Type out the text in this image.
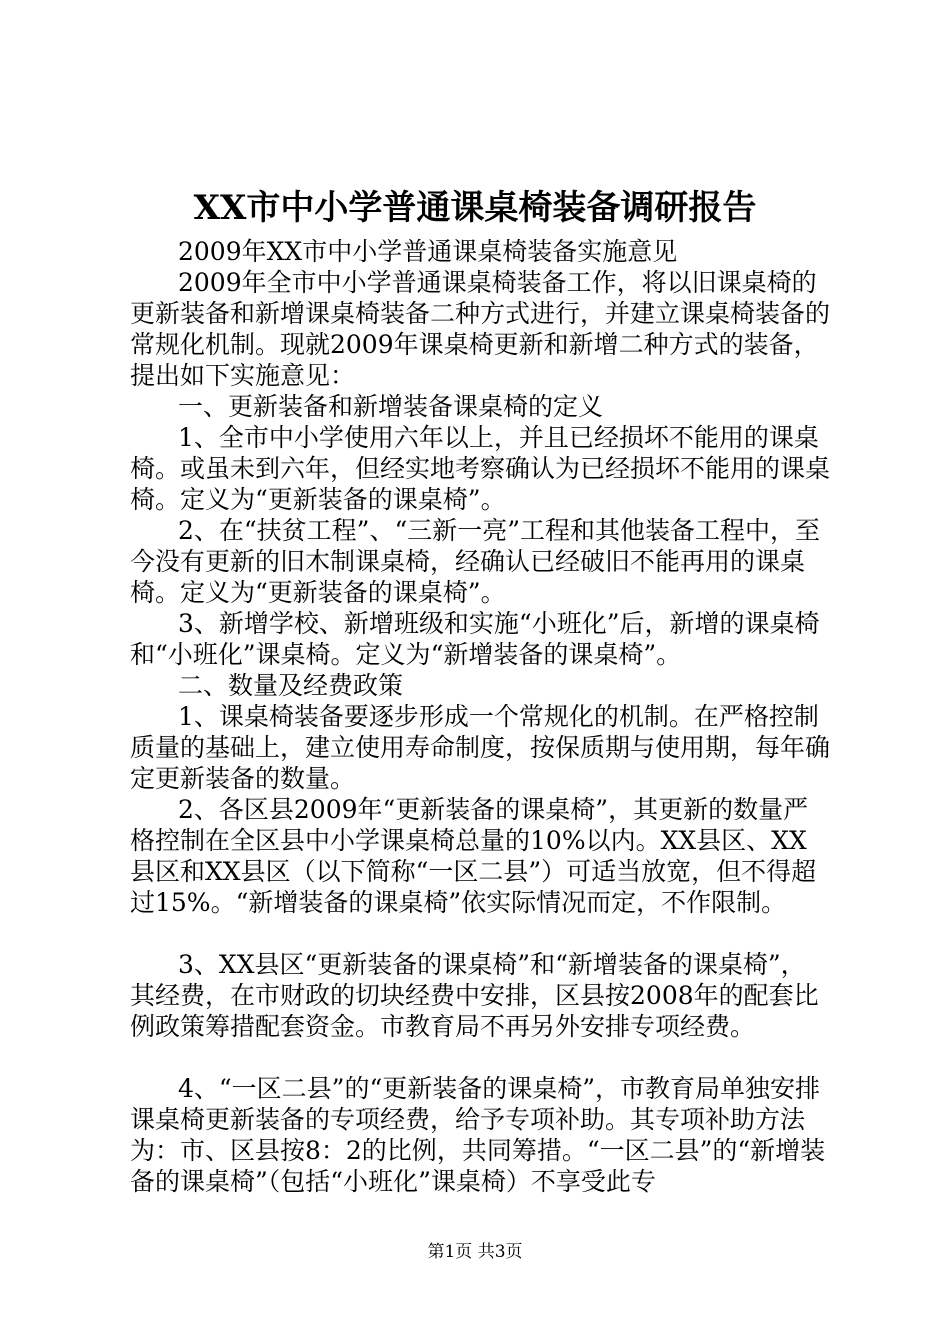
XX市中小学普通课桌椅装备调研报告

2009年XX市中小学普通课桌椅装备实施意见

2009年全市中小学普通课桌椅装备工作，将以旧课桌椅的更新装备和新增课桌椅装备二种方式进行，并建立课桌椅装备的常规化机制。现就2009年课桌椅更新和新增二种方式的装备，提出如下实施意见：

一、更新装备和新增装备课桌椅的定义

1、全市中小学使用六年以上，并且已经损坏不能用的课桌椅。或虽未到六年，但经实地考察确认为已经损坏不能用的课桌椅。定义为“更新装备的课桌椅”。

2、在“扶贫工程”、“三新一亮”工程和其他装备工程中，至今没有更新的旧木制课桌椅，经确认已经破旧不能再用的课桌椅。定义为“更新装备的课桌椅”。

3、新增学校、新增班级和实施“小班化”后，新增的课桌椅和“小班化”课桌椅。定义为“新增装备的课桌椅”。

二、数量及经费政策

1、课桌椅装备要逐步形成一个常规化的机制。在严格控制质量的基础上，建立使用寿命制度，按保质期与使用期，每年确定更新装备的数量。

2、各区县2009年“更新装备的课桌椅”，其更新的数量严格控制在全区县中小学课桌椅总量的10%以内。XX县区、XX县区和XX县区（以下简称“一区二县”）可适当放宽，但不得超过15%。“新增装备的课桌椅”依实际情况而定，不作限制。

3、XX县区“更新装备的课桌椅”和“新增装备的课桌椅”，其经费，在市财政的切块经费中安排，区县按2008年的配套比例政策筹措配套资金。市教育局不再另外安排专项经费。

4、“一区二县”的“更新装备的课桌椅”，市教育局单独安排课桌椅更新装备的专项经费，给予专项补助。其专项补助方法为：市、区县按8：2的比例，共同筹措。“一区二县”的“新增装备的课桌椅”（包括“小班化”课桌椅）不享受此专

第1页 共3页
